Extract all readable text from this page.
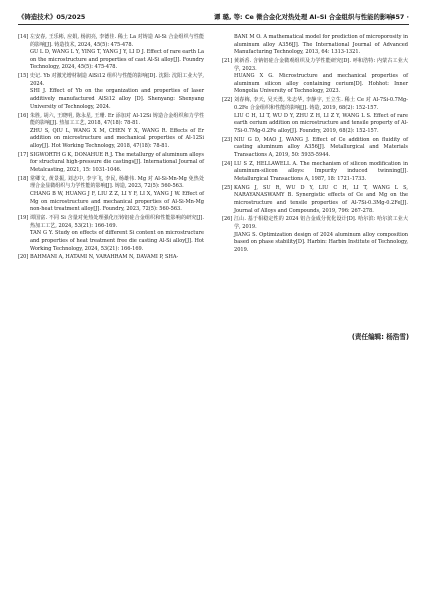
《铸造技术》05/2025	谭 璐, 等: Ce 微合金化对热处理 Al–Si 合金组织与性能的影响
· 457 ·
[14] 左安春, 王乐彬, 应娟, 杨润亮, 李德佳. 稀土 La 对铸造 Al-Si 合金组织与性能的影响[J]. 铸造技术, 2024, 45(5): 475-478.
GU L D, WANG L Y, YING T, YANG J Y, LI D J. Effect of rare earth La on the microstructure and properties of cast Al-Si alloy[J]. Foundry Technology, 2024, 45(5): 475-478.
[15] 史记. Yb 对激光增材制造 AlSi12 组织与性能的影响[D]. 沈阳: 沈阳工业大学, 2024.
SHI J. Effect of Yb on the organization and properties of laser additively manufactured AlSi12 alloy [D]. Shenyang: Shenyang University of Technology, 2024.
[16] 朱胜, 胡六, 王晓明, 陈永星, 王珊. Er 添加对 Al-12Si 铸造合金组织和力学性能的影响[J]. 热加工工艺, 2018, 47(18): 78-81.
ZHU S, QIU L, WANG X M, CHEN Y X, WANG R. Effects of Er addition on microstructure and mechanical properties of Al-12Si alloy[J]. Hot Working Technology, 2018, 47(18): 78-81.
[17] SIGWORTH G K, DONAHUE R J. The metallurgy of aluminum alloys for structural high-pressure die castings[J]. International Journal of Metalcasting, 2021, 15: 1031-1046.
[18] 常卿文, 黄景振, 刘志中, 李宇飞, 李民, 杨雄伟. Mg 对 Al-Si-Mn-Mg 免热处理合金显微组织与力学性能的影响[J]. 铸造, 2023, 72(5): 560-563.
CHANG B W, HUANG J F, LIU Z Z, LI Y F, LI X, YANG J W. Effect of Mg on microstructure and mechanical properties of Al-Si-Mn-Mg non-heat treatment alloy[J]. Foundry, 2023, 72(5): 560-563.
[19] 谭国富. 不同 Si 含量对免热处理强化压铸铝硅合金组织和性能影响的研究[J]. 热加工工艺, 2024, 53(21): 166-169.
TAN G Y. Study on effects of different Si content on microstructure and properties of heat treatment free die casting Al-Si alloy[J]. Hot Working Technology, 2024, 53(21): 166-169.
[20] BAHMANI A, HATAMI N, VARAHRAM N, DAVAMI P, SHA-
BANI M O. A mathematical model for prediction of microporosity in aluminum alloy A356[J]. The International Journal of Advanced Manufacturing Technology, 2013, 64: 1313-1321.
[21] 黄新香. 含钠铝硅合金微观组织及力学性能研究[D]. 呼和浩特: 内蒙古工业大学, 2023.
HUANG X G. Microstructure and mechanical properties of aluminum silicon alloy containing cerium[D]. Hohhot: Inner Mongolia University of Technology, 2023.
[22] 刘春梅, 李天, 吴天勇, 朱志华, 李静宇, 王立生. 稀土 Ce 对 Al-7Si-0.7Mg-0.2Fe 合金组织和性能的影响[J]. 铸造, 2019, 68(2): 152-157.
LIU C H, LI T, WU D Y, ZHU Z H, LI Z Y, WANG L S. Effect of rare earth cerium addition on microstructure and tensile property of Al-7Si-0.7Mg-0.2Fe alloy[J]. Foundry, 2019, 68(2): 152-157.
[23] NIU G D, MAO J, WANG J. Effect of Ce addition on fluidity of casting aluminum alloy A356[J]. Metallurgical and Materials Transactions A, 2019, 50: 5935-5944.
[24] LU S Z, HELLAWELL A. The mechanism of silicon modification in aluminum-silicon alloys: Impurity induced twinning[J]. Metallurgical Transactions A, 1987, 18: 1721-1733.
[25] KANG J, SU R, WU D Y, LIU C H, LI T, WANG L S, NARAYANASWAMY B. Synergistic effects of Ce and Mg on the microstructure and tensile properties of Al-7Si-0.3Mg-0.2Fe[J]. Journal of Alloys and Compounds, 2019, 796: 267-278.
[26] 江山. 基于相稳定性的 2024 铝合金成分优化设计[D]. 哈尔滨: 哈尔滨工业大学, 2019.
JIANG S. Optimization design of 2024 aluminum alloy composition based on phase stability[D]. Harbin: Harbin Institute of Technology, 2019.
(责任编辑: 杨浩雪)
